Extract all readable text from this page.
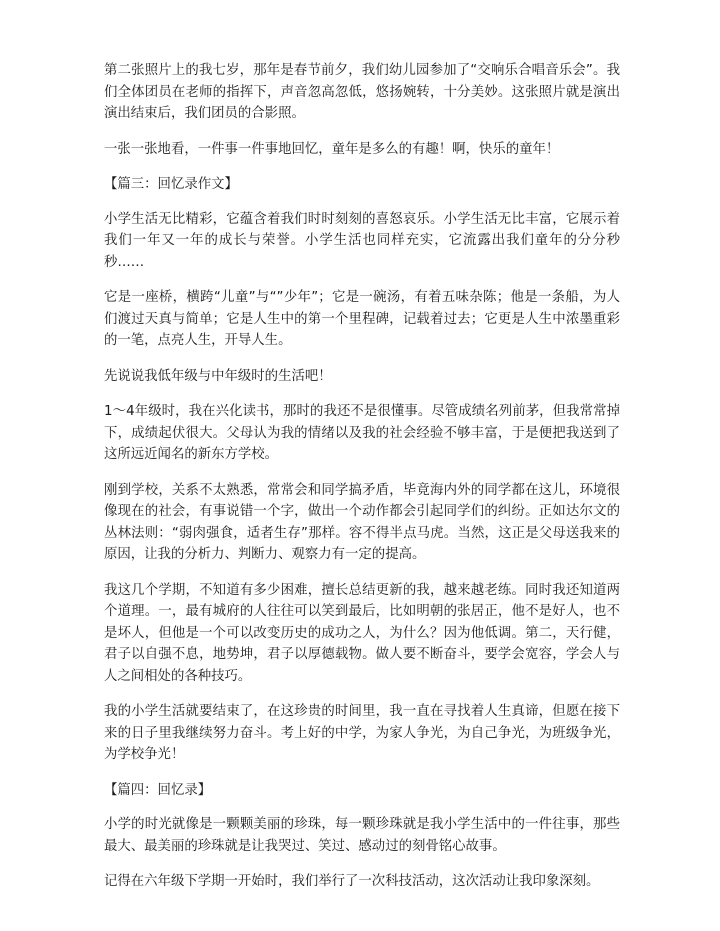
第二张照片上的我七岁，那年是春节前夕，我们幼儿园参加了“交响乐合唱音乐会”。我们全体团员在老师的指挥下，声音忽高忽低，悠扬婉转，十分美妙。这张照片就是演出演出结束后，我们团员的合影照。

一张一张地看，一件事一件事地回忆，童年是多么的有趣！啊，快乐的童年！

【篇三：回忆录作文】

小学生活无比精彩，它蕴含着我们时时刻刻的喜怒哀乐。小学生活无比丰富，它展示着我们一年又一年的成长与荣誉。小学生活也同样充实，它流露出我们童年的分分秒秒……

它是一座桥，横跨“儿童”与“”少年”；它是一碗汤，有着五味杂陈；他是一条船，为人们渡过天真与简单；它是人生中的第一个里程碑，记载着过去；它更是人生中浓墨重彩的一笔，点亮人生，开导人生。

先说说我低年级与中年级时的生活吧！

1～4年级时，我在兴化读书，那时的我还不是很懂事。尽管成绩名列前茅，但我常常掉下，成绩起伏很大。父母认为我的情绪以及我的社会经验不够丰富，于是便把我送到了这所远近闻名的新东方学校。

刚到学校，关系不太熟悉，常常会和同学搞矛盾，毕竟海内外的同学都在这儿，环境很像现在的社会，有事说错一个字，做出一个动作都会引起同学们的纠纷。正如达尔文的丛林法则：“弱肉强食，适者生存”那样。容不得半点马虎。当然，这正是父母送我来的原因，让我的分析力、判断力、观察力有一定的提高。

我这几个学期，不知道有多少困难，擅长总结更新的我，越来越老练。同时我还知道两个道理。一，最有城府的人往往可以笑到最后，比如明朝的张居正，他不是好人，也不是坏人，但他是一个可以改变历史的成功之人，为什么？因为他低调。第二，天行健，君子以自强不息，地势坤，君子以厚德载物。做人要不断奋斗，要学会宽容，学会人与人之间相处的各种技巧。

我的小学生活就要结束了，在这珍贵的时间里，我一直在寻找着人生真谛，但愿在接下来的日子里我继续努力奋斗。考上好的中学，为家人争光，为自己争光，为班级争光，为学校争光！

【篇四：回忆录】

小学的时光就像是一颗颗美丽的珍珠，每一颗珍珠就是我小学生活中的一件往事，那些最大、最美丽的珍珠就是让我哭过、笑过、感动过的刻骨铭心故事。

记得在六年级下学期一开始时，我们举行了一次科技活动，这次活动让我印象深刻。
